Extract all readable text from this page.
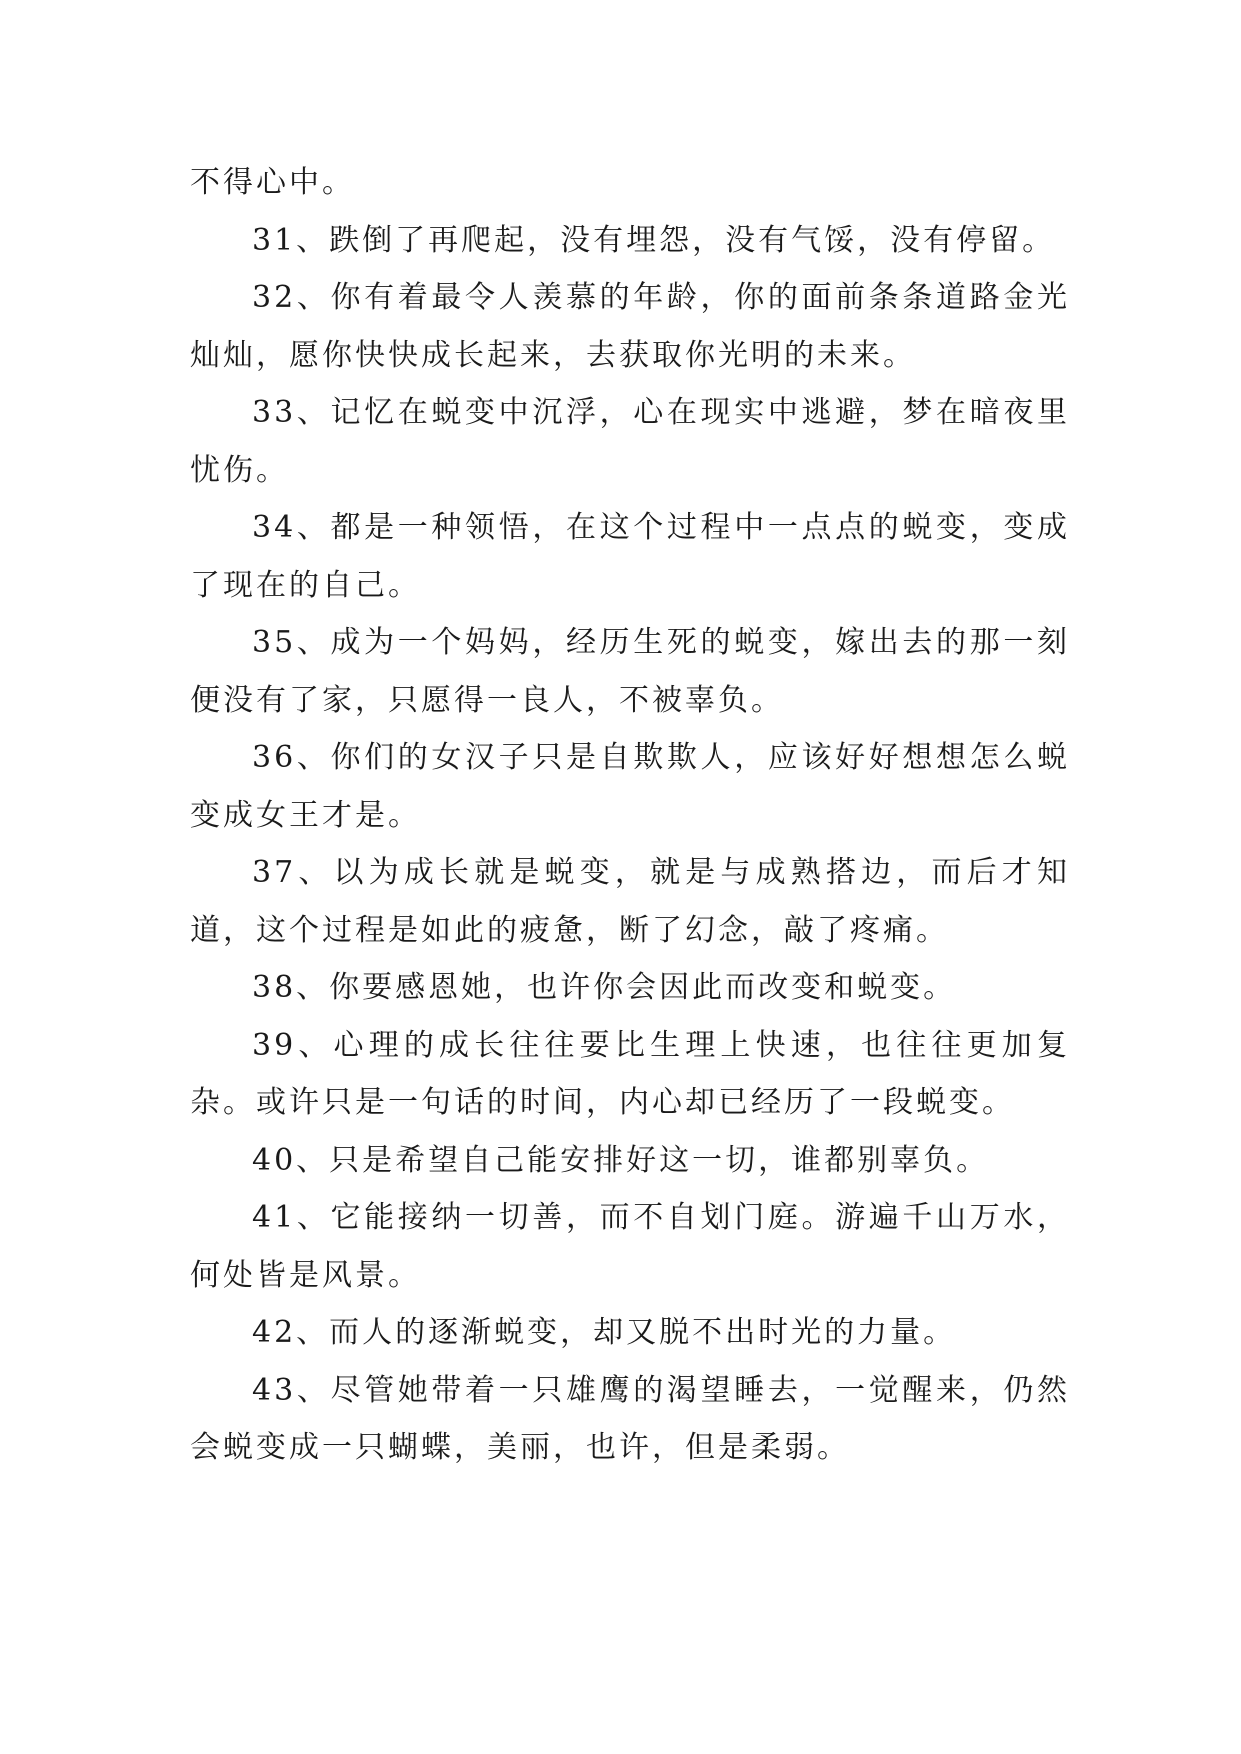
不得心中。

31、跌倒了再爬起，没有埋怨，没有气馁，没有停留。

32、你有着最令人羡慕的年龄，你的面前条条道路金光灿灿，愿你快快成长起来，去获取你光明的未来。

33、记忆在蜕变中沉浮，心在现实中逃避，梦在暗夜里忧伤。

34、都是一种领悟，在这个过程中一点点的蜕变，变成了现在的自己。

35、成为一个妈妈，经历生死的蜕变，嫁出去的那一刻便没有了家，只愿得一良人，不被辜负。

36、你们的女汉子只是自欺欺人，应该好好想想怎么蜕变成女王才是。

37、以为成长就是蜕变，就是与成熟搭边，而后才知道，这个过程是如此的疲惫，断了幻念，敲了疼痛。

38、你要感恩她，也许你会因此而改变和蜕变。

39、心理的成长往往要比生理上快速，也往往更加复杂。或许只是一句话的时间，内心却已经历了一段蜕变。

40、只是希望自己能安排好这一切，谁都别辜负。

41、它能接纳一切善，而不自划门庭。游遍千山万水，何处皆是风景。

42、而人的逐渐蜕变，却又脱不出时光的力量。

43、尽管她带着一只雄鹰的渴望睡去，一觉醒来，仍然会蜕变成一只蝴蝶，美丽，也许，但是柔弱。
